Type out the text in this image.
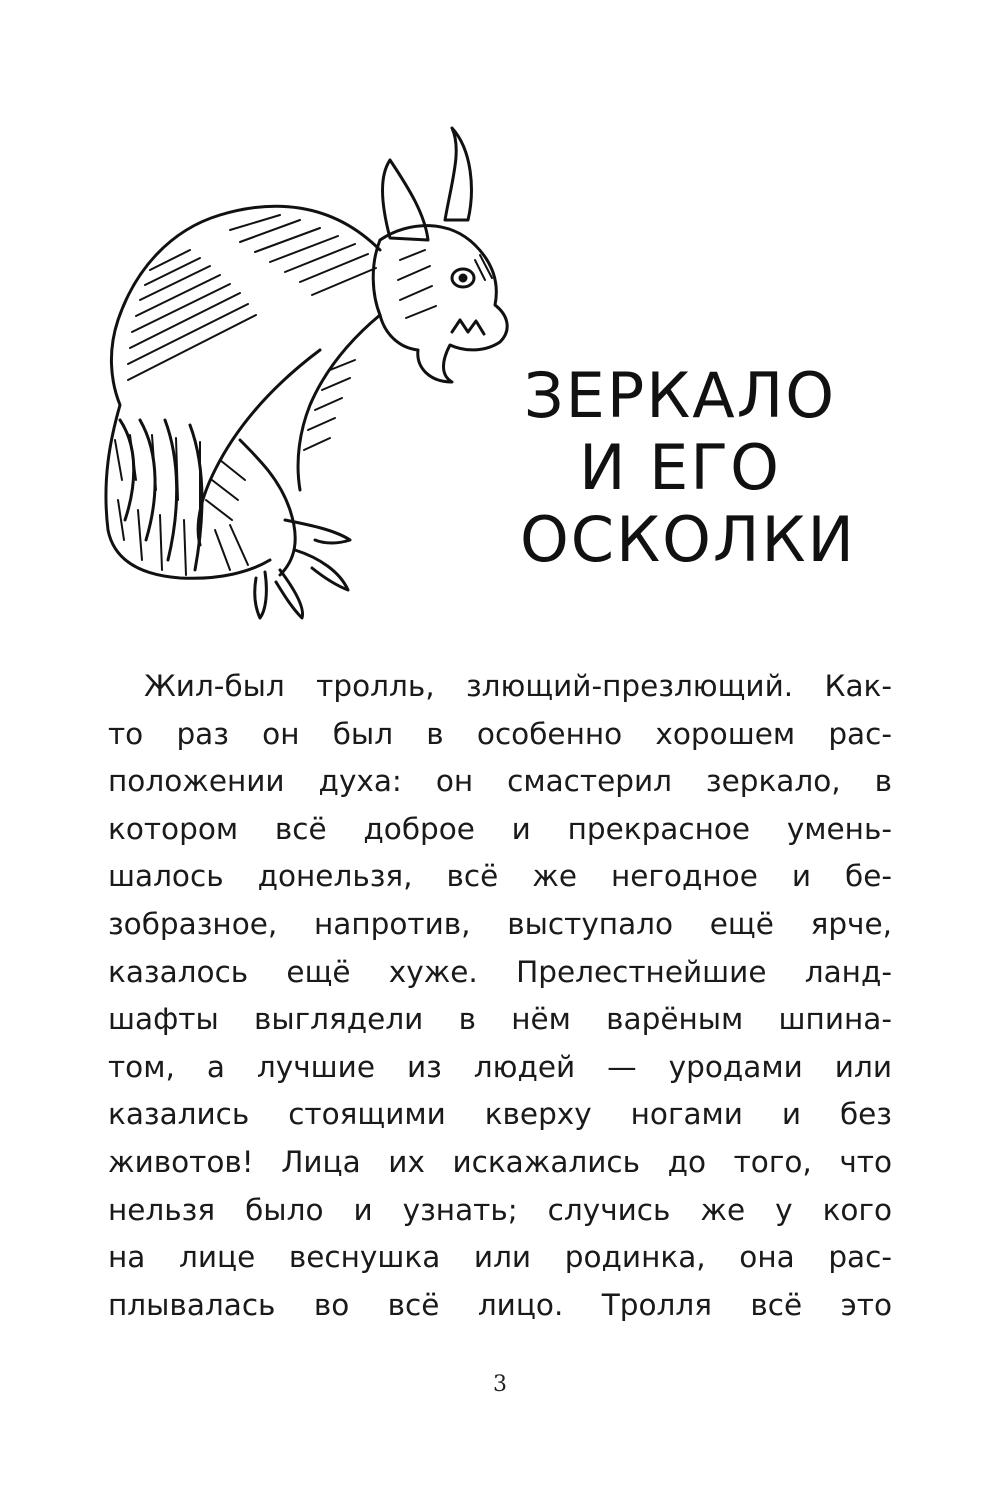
ЗЕРКАЛО
И ЕГО
ОСКОЛКИ
Жил-был тролль, злющий-презлющий. Как-
то раз он был в особенно хорошем рас-
положении духа: он смастерил зеркало, в
котором всё доброе и прекрасное умень-
шалось донельзя, всё же негодное и бе-
зобразное, напротив, выступало ещё ярче,
казалось ещё хуже. Прелестнейшие ланд-
шафты выглядели в нём варёным шпина-
том, а лучшие из людей — уродами или
казались стоящими кверху ногами и без
животов! Лица их искажались до того, что
нельзя было и узнать; случись же у кого
на лице веснушка или родинка, она рас-
плывалась во всё лицо. Тролля всё это
3
